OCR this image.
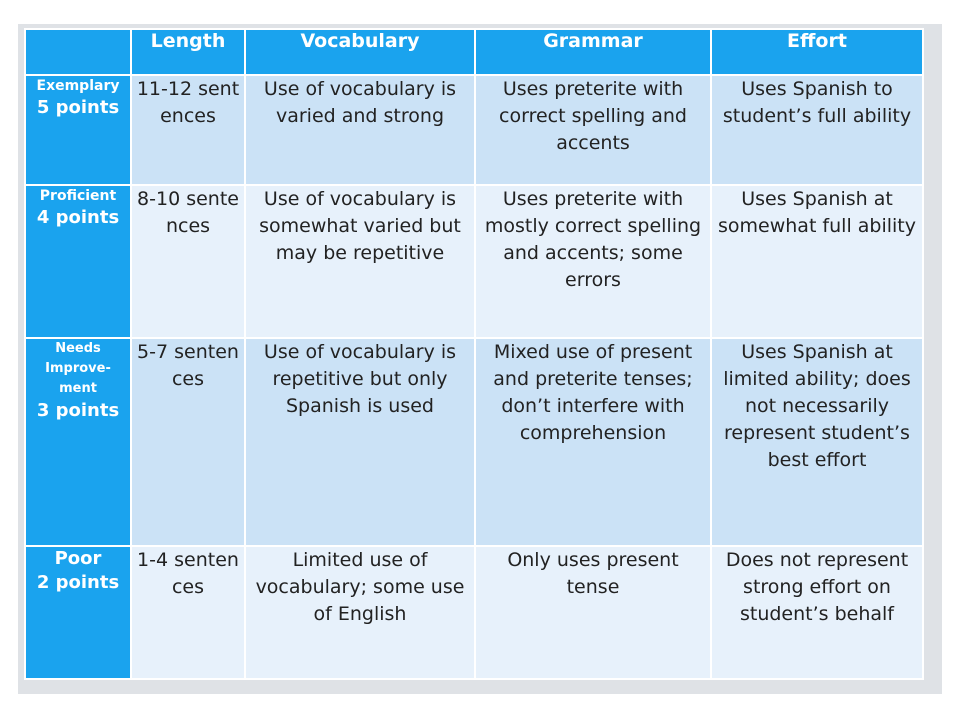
	Length	Vocabulary	Grammar	Effort

Exemplary
5 points	11-12 sentences	Use of vocabulary is varied and strong	Uses preterite with correct spelling and accents	Uses Spanish to student’s full ability

Proficient
4 points	8-10 sentences	Use of vocabulary is somewhat varied but may be repetitive	Uses preterite with mostly correct spelling and accents; some errors	Uses Spanish at somewhat full ability

Needs Improve-ment
3 points	5-7 sentences	Use of vocabulary is repetitive but only Spanish is used	Mixed use of present and preterite tenses; don’t interfere with comprehension	Uses Spanish at limited ability; does not necessarily represent student’s best effort

Poor
2 points	1-4 sentences	Limited use of vocabulary; some use of English	Only uses present tense	Does not represent strong effort on student’s behalf
